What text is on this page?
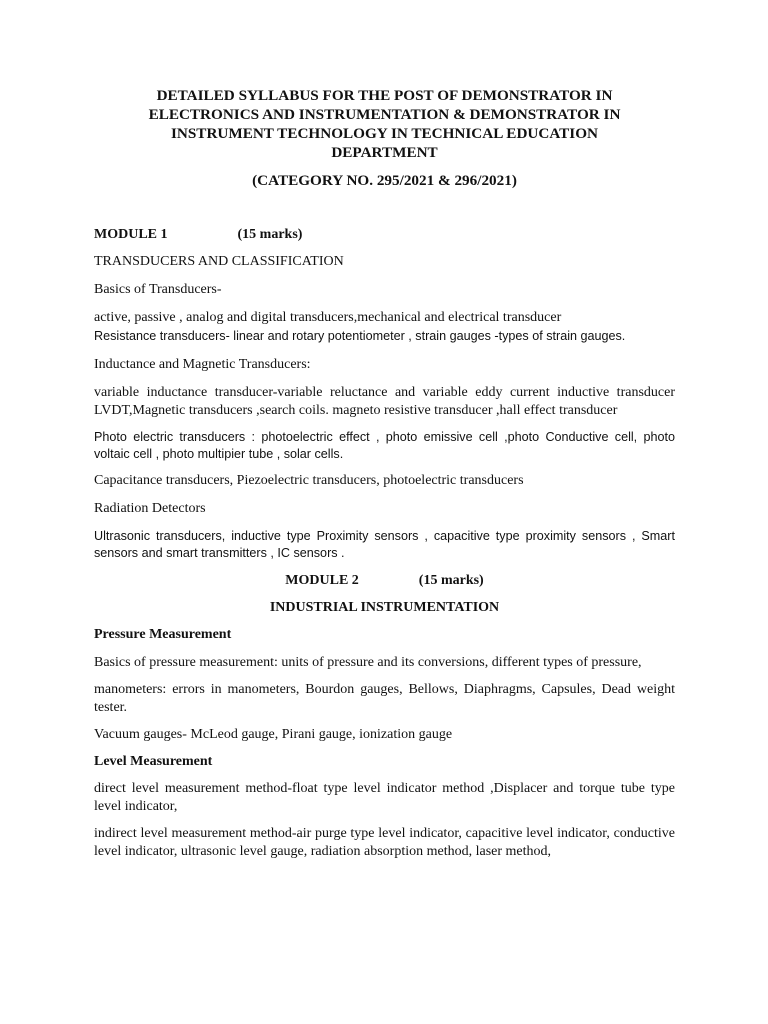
DETAILED SYLLABUS FOR THE POST OF DEMONSTRATOR IN
ELECTRONICS AND INSTRUMENTATION & DEMONSTRATOR IN
INSTRUMENT TECHNOLOGY IN TECHNICAL EDUCATION
DEPARTMENT

(CATEGORY NO. 295/2021 & 296/2021)

MODULE 1	(15 marks)

TRANSDUCERS AND CLASSIFICATION

Basics of Transducers-

active, passive , analog and digital transducers,mechanical and electrical transducer
Resistance transducers- linear and rotary potentiometer , strain gauges -types of strain gauges.

Inductance and Magnetic Transducers:

variable inductance transducer-variable reluctance and variable eddy current inductive transducer LVDT,Magnetic transducers ,search coils. magneto resistive transducer ,hall effect transducer

Photo electric transducers : photoelectric effect , photo emissive cell ,photo Conductive cell, photo voltaic cell , photo multipier tube , solar cells.

Capacitance transducers, Piezoelectric transducers, photoelectric transducers

Radiation Detectors

Ultrasonic transducers, inductive type Proximity sensors , capacitive type proximity sensors , Smart sensors and smart transmitters , IC sensors .

MODULE 2	(15 marks)

INDUSTRIAL INSTRUMENTATION

Pressure Measurement

Basics of pressure measurement: units of pressure and its conversions, different types of pressure,

manometers: errors in manometers, Bourdon gauges, Bellows, Diaphragms, Capsules, Dead weight tester.

Vacuum gauges- McLeod gauge, Pirani gauge, ionization gauge

Level Measurement

direct level measurement method-float type level indicator method ,Displacer and torque tube type level indicator,

indirect level measurement method-air purge type level indicator, capacitive level indicator, conductive level indicator, ultrasonic level gauge, radiation absorption method, laser method,
